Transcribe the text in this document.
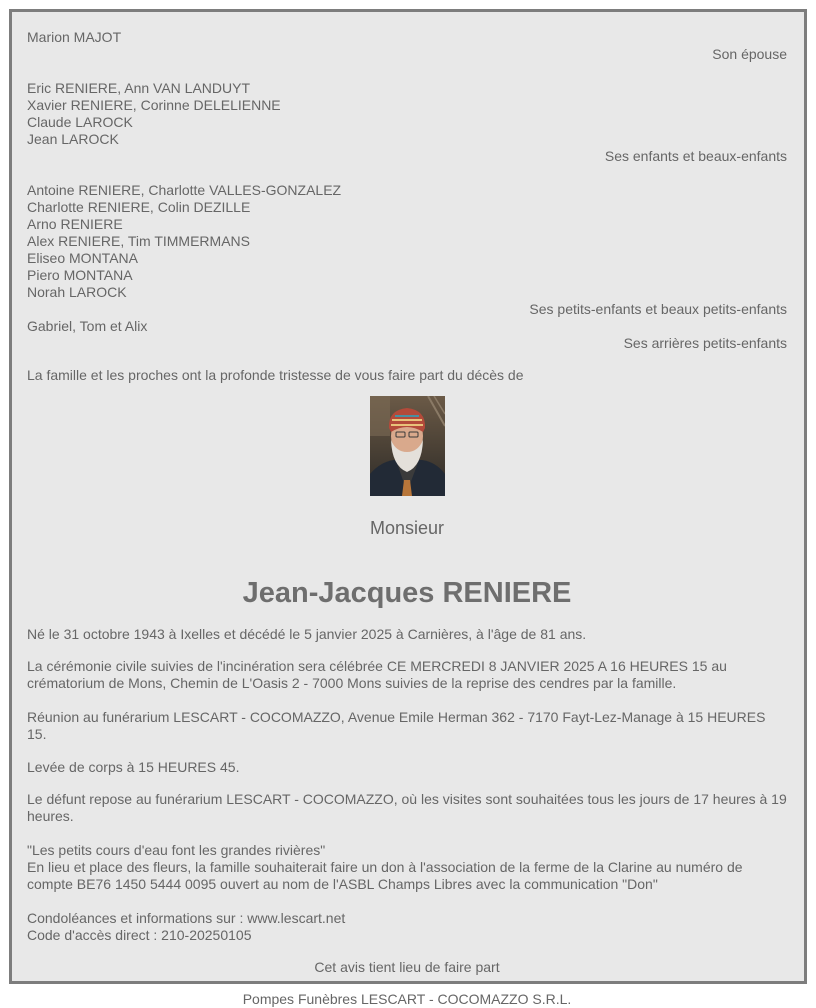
Marion MAJOT
Son épouse
Eric RENIERE, Ann VAN LANDUYT
Xavier RENIERE, Corinne DELELIENNE
Claude LAROCK
Jean LAROCK
Ses enfants et beaux-enfants
Antoine RENIERE, Charlotte VALLES-GONZALEZ
Charlotte RENIERE, Colin DEZILLE
Arno RENIERE
Alex RENIERE, Tim TIMMERMANS
Eliseo MONTANA
Piero MONTANA
Norah LAROCK
Ses petits-enfants et beaux petits-enfants
Gabriel, Tom et Alix
Ses arrières petits-enfants

La famille et les proches ont la profonde tristesse de vous faire part du décès de

Monsieur
Jean-Jacques RENIERE

Né le 31 octobre 1943 à Ixelles et décédé le 5 janvier 2025 à Carnières, à l'âge de 81 ans.

La cérémonie civile suivies de l'incinération sera célébrée CE MERCREDI 8 JANVIER 2025 A 16 HEURES 15 au crématorium de Mons, Chemin de L'Oasis 2 - 7000 Mons suivies de la reprise des cendres par la famille.

Réunion au funérarium LESCART - COCOMAZZO, Avenue Emile Herman 362 - 7170 Fayt-Lez-Manage à 15 HEURES 15.

Levée de corps à 15 HEURES 45.

Le défunt repose au funérarium LESCART - COCOMAZZO, où les visites sont souhaitées tous les jours de 17 heures à 19 heures.

"Les petits cours d'eau font les grandes rivières"

En lieu et place des fleurs, la famille souhaiterait faire un don à l'association de la ferme de la Clarine au numéro de compte BE76 1450 5444 0095 ouvert au nom de l'ASBL Champs Libres avec la communication "Don"

Condoléances et informations sur : www.lescart.net

Code d'accès direct : 210-20250105

Cet avis tient lieu de faire part

Pompes Funèbres LESCART - COCOMAZZO S.R.L.
